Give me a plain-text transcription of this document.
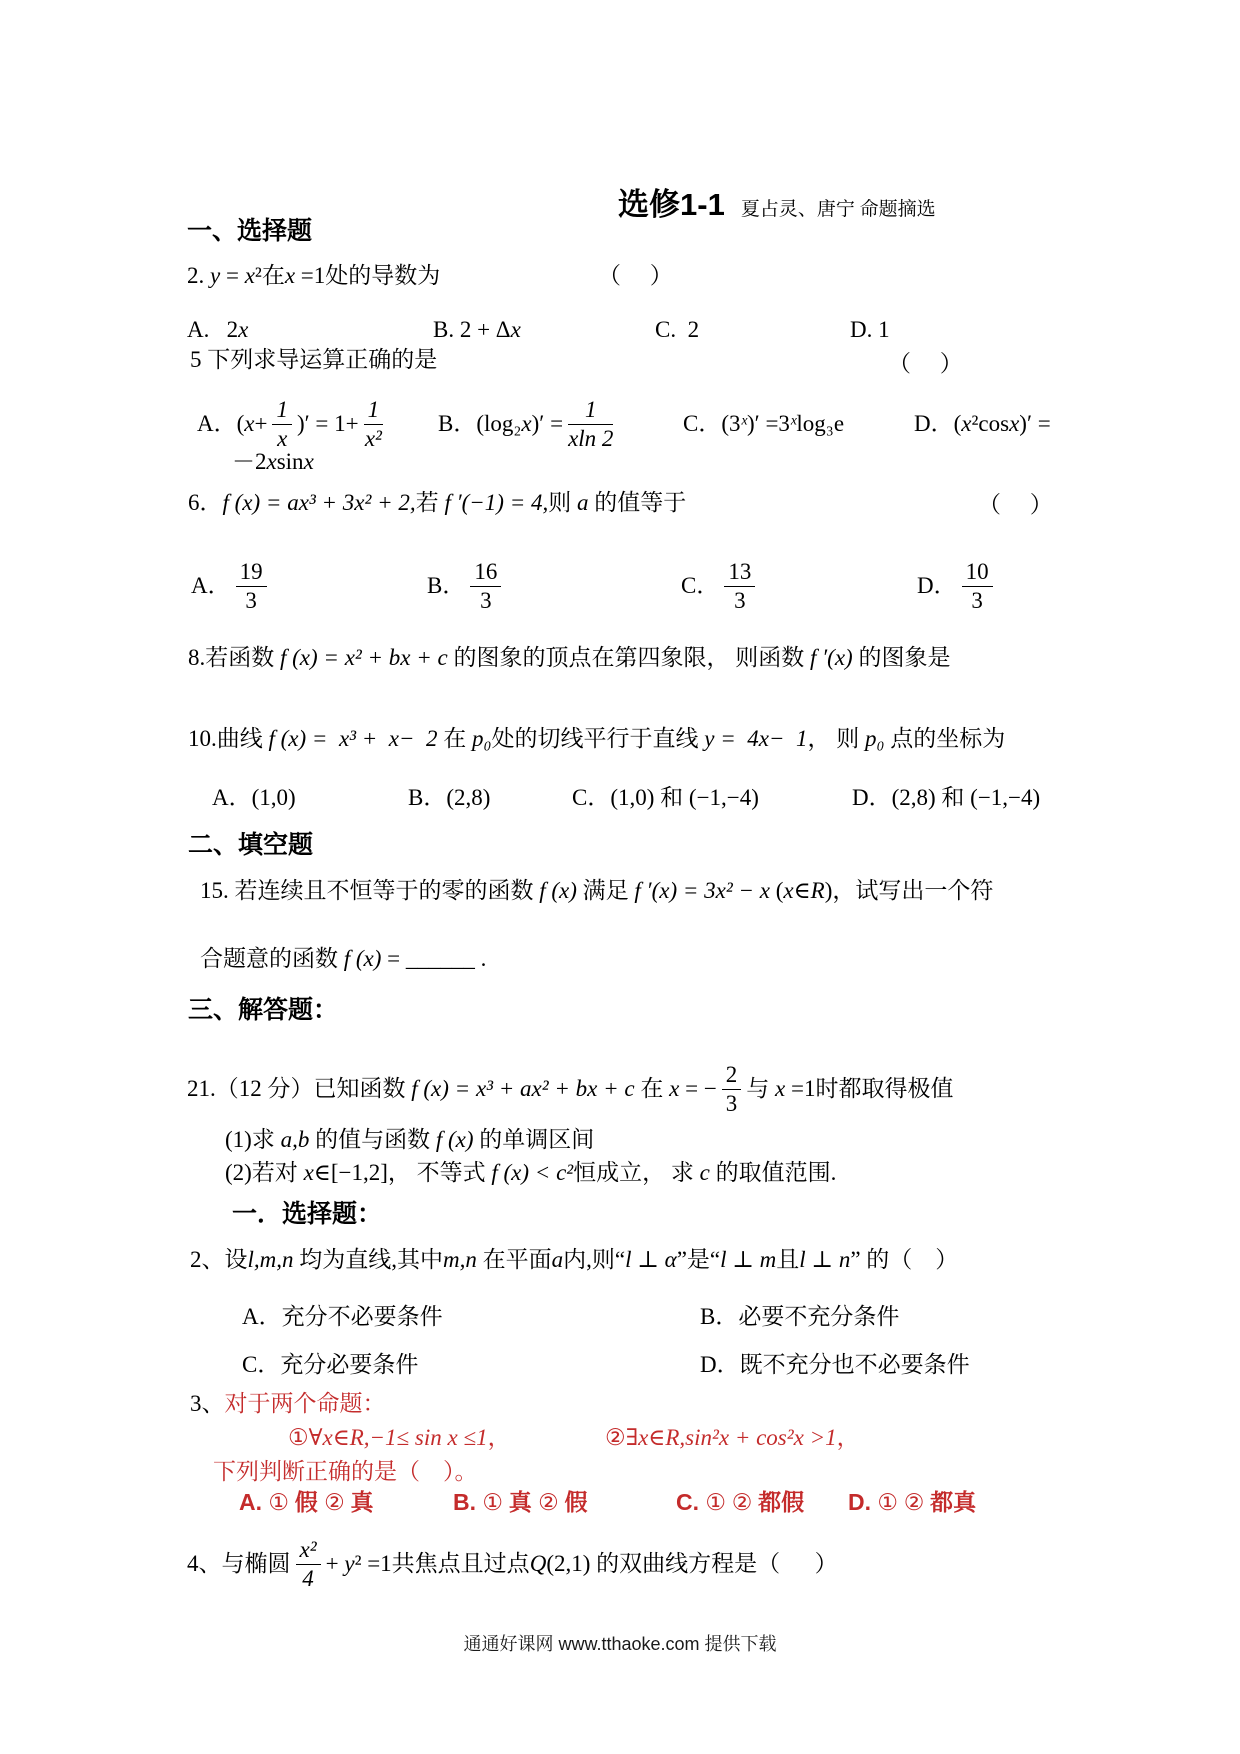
选修1-1 夏占灵、唐宁 命题摘选

一、选择题
2. y = x²在x =1处的导数为	（     ）
A.   2x	B. 2 + Δx	C.  2	D. 1
5 下列求导运算正确的是	（     ）
A．( $x + \frac{1}{x}$ )′ = $1+ \frac{1}{\text{x²}}$ B．(log₂ x )′ = $\frac{1}{xln 2}$	C．(3 ˣ )′ =3 ˣ log₃e	D．( x ²cos x )′ =
－2xsinx
6．f (x) = ax³ + 3x² + 2,若 f ′(−1) = 4,则 a 的值等于	（     ）
A． $\frac{19}{3}$	B． $\frac{16}{3}$	C． $\frac{13}{3}$	D． $\frac{10}{3}$
8.若函数 f (x) = x² + bx + c 的图象的顶点在第四象限， 则函数 f ′(x) 的图象是
10.曲线 f (x) =  x³ +  x−  2 在 p₀处的切线平行于直线 y =  4x−  1， 则 p₀ 点的坐标为
A．(1,0)	B．(2,8)	C．(1,0) 和 (−1,−4)	D．(2,8) 和 (−1,−4)
二、填空题
15. 若连续且不恒等于的零的函数 f (x) 满足 f ′(x) = 3x² − x (x∈R)，试写出一个符
合题意的函数 f (x) = ______ .
三、解答题：
21.（12 分）已知函数 f (x) = x³ + ax² + bx + c 在 x = − $\frac{2}{3}$ 与 x =1时都取得极值
(1)求 a,b 的值与函数 f (x) 的单调区间
(2)若对 x∈[−1,2]， 不等式 f (x) < c²恒成立， 求 c 的取值范围.
一．选择题：
2、设l,m,n 均为直线,其中m,n 在平面a内,则“l ⊥ α”是“l ⊥ m且l ⊥ n” 的（　）
A．充分不必要条件	B．必要不充分条件
C．充分必要条件	D．既不充分也不必要条件
3、对于两个命题：
①∀x∈R,−1≤ sin x ≤1，	②∃x∈R,sin²x + cos²x >1，
下列判断正确的是（　）。
A. ① 假 ② 真	B. ① 真 ② 假	C. ① ② 都假 D. ① ② 都真
4、与椭圆 $\frac{\text{x²}}{4} + y$ ² =1共焦点且过点 Q (2,1) 的双曲线方程是（      ）
通通好课网 www.tthaoke.com 提供下载
